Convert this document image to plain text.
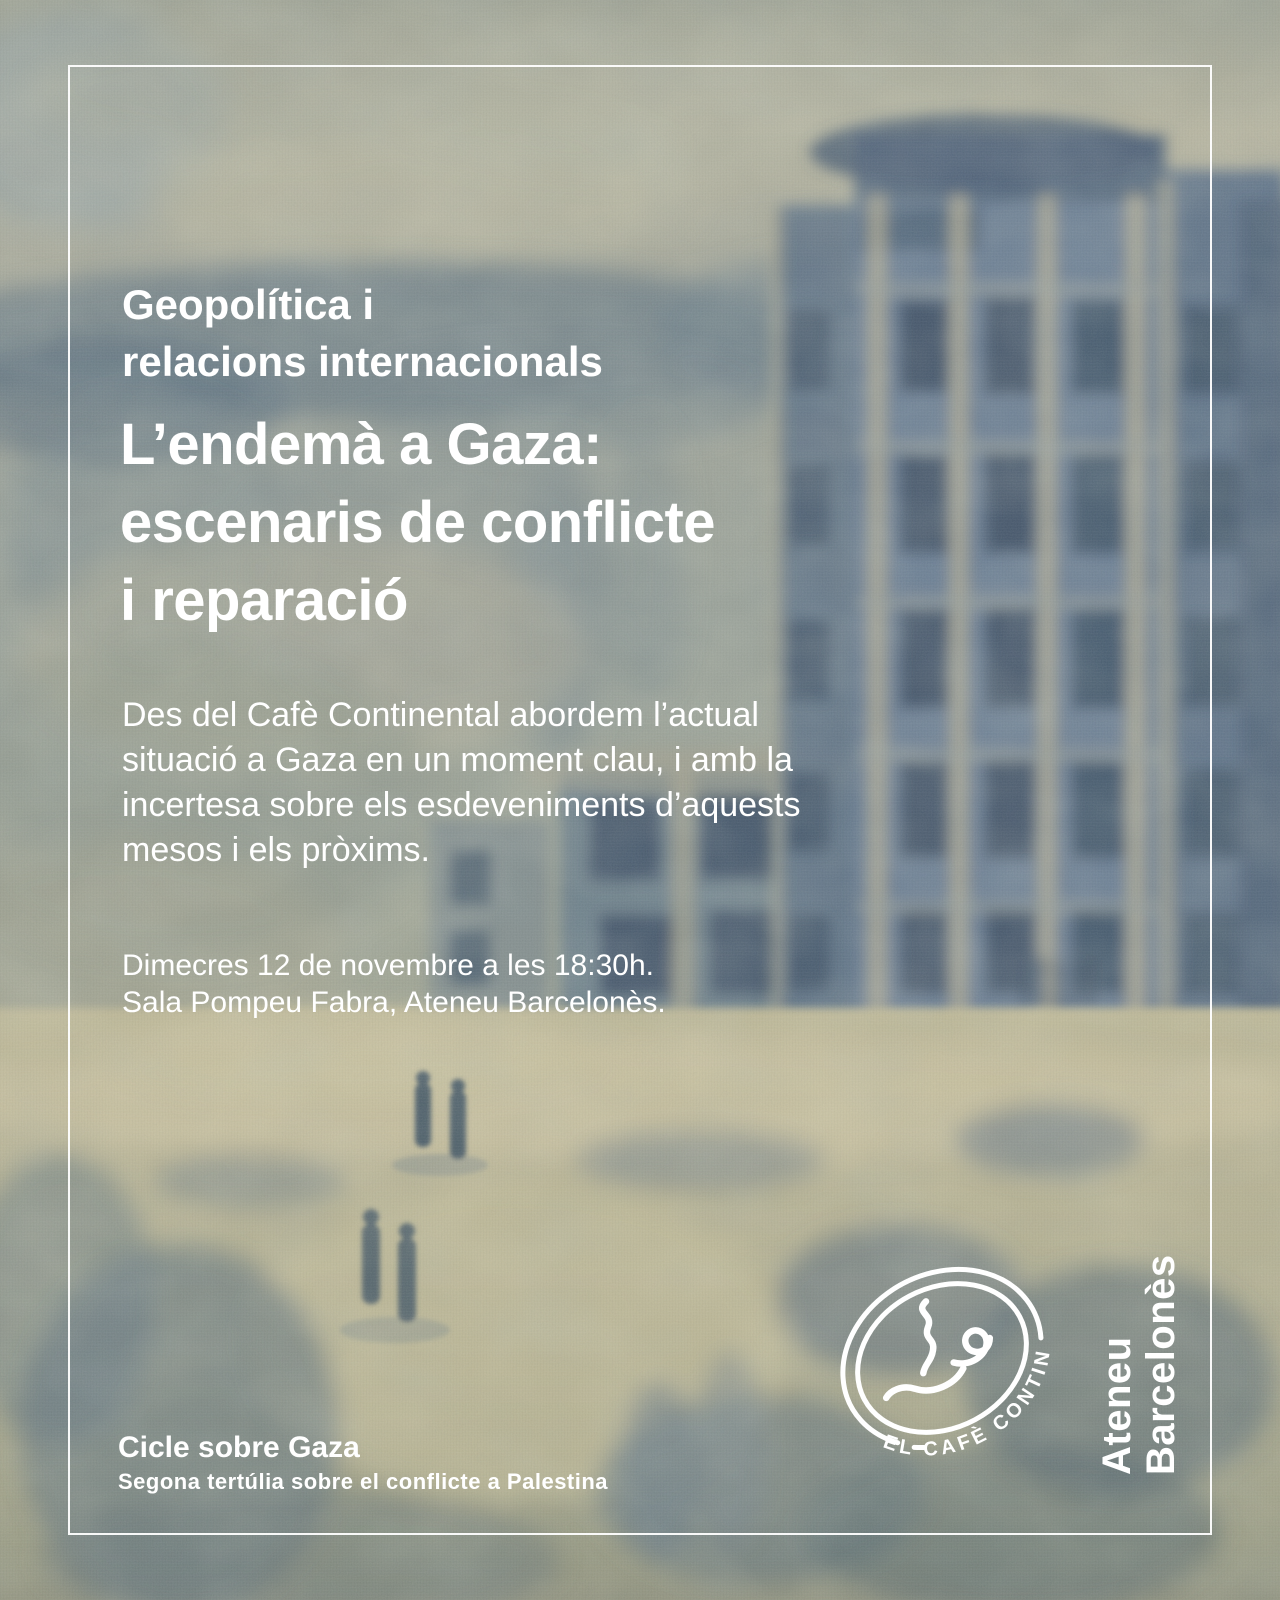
Geopolítica i
relacions internacionals
L’endemà a Gaza:
escenaris de conflicte
i reparació
Des del Cafè Continental abordem l’actual
situació a Gaza en un moment clau, i amb la
incertesa sobre els esdeveniments d’aquests
mesos i els pròxims.
Dimecres 12 de novembre a les 18:30h.
Sala Pompeu Fabra, Ateneu Barcelonès.
Cicle sobre Gaza
Segona tertúlia sobre el conflicte a Palestina
EL CAFÈ CONTINENTAL	Ateneu Barcelonès
